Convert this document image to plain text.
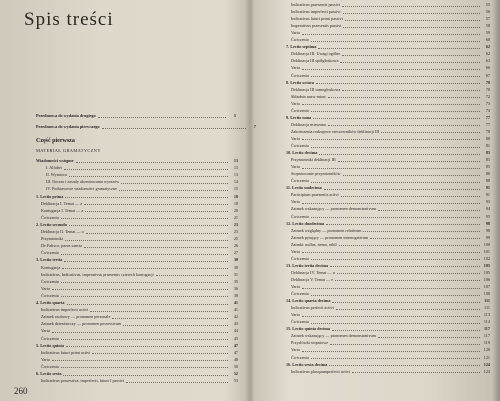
Spis treści
Przedmowa do wydania drugiego	5
Przedmowa do wydania pierwszego	7
Część pierwsza
MATERIAŁ GRAMATYCZNY
Wiadomości wstępne	13
I. Alfabet	13
II. Wymowa	13
III. Iloczas i zasady akcentowania wyrazów	14
IV. Podstawowe wiadomości gramatyczne	15
1. Lectio prima	18
Deklinacja I. Temat — a	18
Koniugacja I. Temat — a	20
Ćwiczenia	21
2. Lectio secunda	23
Deklinacja II. Temat — o	23
Przymiotniki	25
De Falisco, parva sancta	26
Ćwiczenia	27
3. Lectio tertia	30
Koniugacja	30
Indicativus, Indicativus, imperativus praesentis czterech koniugacji	31
Ćwiczenia	35
Varia	36
Ćwiczenia	38
4. Lectio quarta	41
Indicativus imperfecti activi	41
Zaimek osobowy — pronomen personale	42
Zaimek dzierżawczy — pronomen possessivum	43
Varia	44
Ćwiczenia	45
5. Lectio quinta	47
Indicativus futuri primi activi	47
Varia	48
Ćwiczenia	50
6. Lectio sexta	52
Indicativus possessiva, imperfecti, futuri I passivi	53
260
Indicativus praesentis passivi	55
Indicativus imperfecti passivi	56
Indicativus futuri primi passivi	57
Imperativus praesentis passivi	58
Varia	59
Ćwiczenia	60
7. Lectio septima	62
Deklinacja III. Uwagi ogólne	62
Deklinacja III spółgłoskowa	63
Varia	66
Ćwiczenia	67
8. Lectio octava	70
Deklinacja III samogłoskowa	70
Składnia nazw miast	72
Varia	73
Ćwiczenia	74
9. Lectio nona	77
Deklinacja mieszana	77
Zakończenia rodzajowe rzeczowników deklinacji III	78
Varia	80
Ćwiczenia	81
10. Lectio decima	83
Przymiotniki deklinacji III	83
Varia	85
Stopniowanie przymiotników	86
Ćwiczenia	88
11. Lectio undecima	91
Participium praesentis activi	91
Varia	93
Zaimek wskazujący — pronomen demonstrativum	94
Ćwiczenia	95
12. Lectio duodecima	98
Zaimek względny — pronomen relativum	98
Zaimek pytający — pronomen interrogativum	99
Zaimki: nullus, nemo, nihil	100
Varia	101
Ćwiczenia	102
13. Lectio tertia decima	105
Deklinacja IV. Temat — u	105
Deklinacja V. Temat — e	106
Varia	107
Ćwiczenia	108
14. Lectio quarta decima	111
Indicativus perfecti activi	111
Varia	113
Ćwiczenia	114
15. Lectio quinta decima	117
Zaimek wskazujący — pronomen demonstrativum	117
Przysłówki stopniowe	119
Varia	120
Ćwiczenia	121
16. Lectio sexta decima	124
Indicativus plusquamperfecti activi	124
